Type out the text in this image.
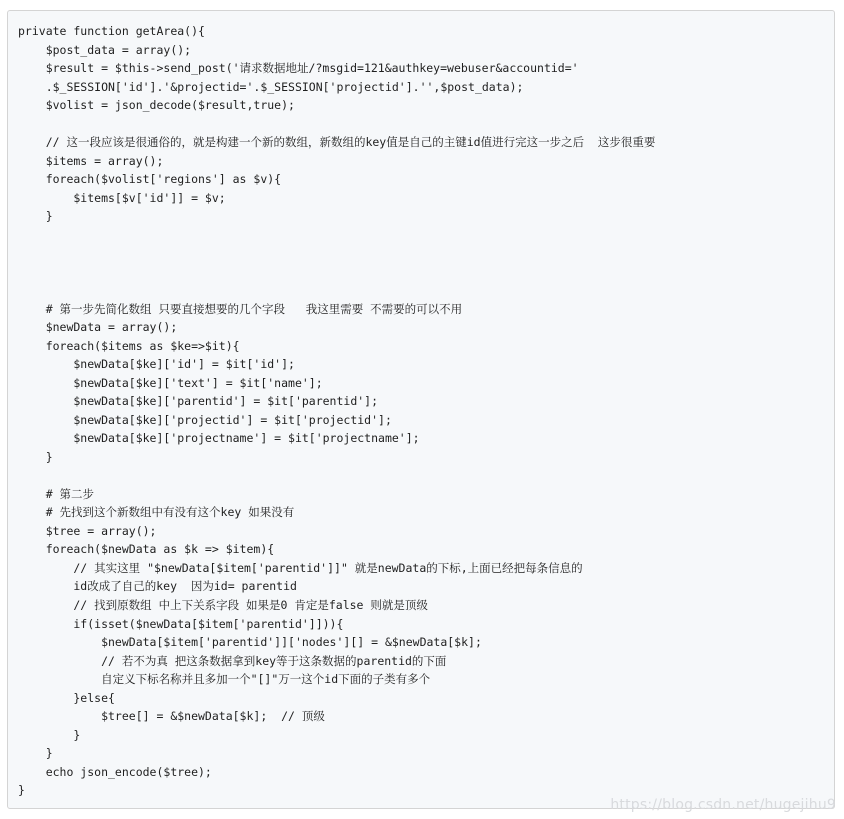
private function getArea(){
$post_data = array();
$result = $this->send_post('请求数据地址/?msgid=121&authkey=webuser&accountid='
.$_SESSION['id'].'&projectid='.$_SESSION['projectid'].'',$post_data);
$volist = json_decode($result,true);

// 这一段应该是很通俗的，就是构建一个新的数组，新数组的key值是自己的主键id值进行完这一步之后  这步很重要
$items = array();
foreach($volist['regions'] as $v){
$items[$v['id']] = $v;
}

# 第一步先简化数组 只要直接想要的几个字段   我这里需要 不需要的可以不用
$newData = array();
foreach($items as $ke=>$it){
$newData[$ke]['id'] = $it['id'];
$newData[$ke]['text'] = $it['name'];
$newData[$ke]['parentid'] = $it['parentid'];
$newData[$ke]['projectid'] = $it['projectid'];
$newData[$ke]['projectname'] = $it['projectname'];
}

# 第二步
# 先找到这个新数组中有没有这个key 如果没有
$tree = array();
foreach($newData as $k => $item){
// 其实这里 "$newData[$item['parentid']]" 就是newData的下标,上面已经把每条信息的
id改成了自己的key  因为id= parentid
// 找到原数组 中上下关系字段 如果是0 肯定是false 则就是顶级
if(isset($newData[$item['parentid']])){
$newData[$item['parentid']]['nodes'][] = &$newData[$k];
// 若不为真 把这条数据拿到key等于这条数据的parentid的下面
自定义下标名称并且多加一个"[]"万一这个id下面的子类有多个
}else{
$tree[] = &$newData[$k];  // 顶级
}
}
echo json_encode($tree);
}
https://blog.csdn.net/hugejihu9
